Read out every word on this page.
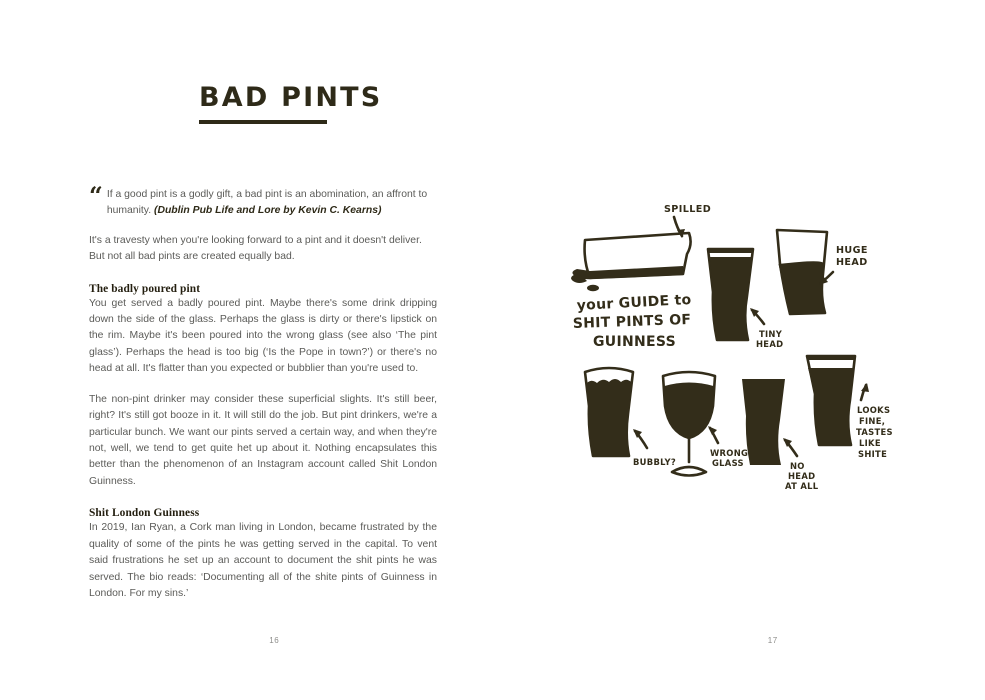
BAD PINTS
“ If a good pint is a godly gift, a bad pint is an abomination, an affront to humanity. (Dublin Pub Life and Lore by Kevin C. Kearns)

It's a travesty when you're looking forward to a pint and it doesn't deliver. But not all bad pints are created equally bad.

The badly poured pint

You get served a badly poured pint. Maybe there's some drink dripping down the side of the glass. Perhaps the glass is dirty or there's lipstick on the rim. Maybe it's been poured into the wrong glass (see also ‘The pint glass’). Perhaps the head is too big (‘Is the Pope in town?’) or there's no head at all. It's flatter than you expected or bubblier than you're used to.

The non-pint drinker may consider these superficial slights. It's still beer, right? It's still got booze in it. It will still do the job. But pint drinkers, we're a particular bunch. We want our pints served a certain way, and when they're not, well, we tend to get quite het up about it. Nothing encapsulates this better than the phenomenon of an Instagram account called Shit London Guinness.

Shit London Guinness

In 2019, Ian Ryan, a Cork man living in London, became frustrated by the quality of some of the pints he was getting served in the capital. To vent said frustrations he set up an account to document the shit pints he was served. The bio reads: ‘Documenting all of the shite pints of Guinness in London. For my sins.’

16
SPILLED
your GUIDE to
SHIT PINTS OF
GUINNESS	TINY
HEAD
HUGE
HEAD
BUBBLY?
WRONG
GLASS	NO
HEAD
AT ALL
LOOKS
FINE,
TASTES
LIKE
SHITE
17
